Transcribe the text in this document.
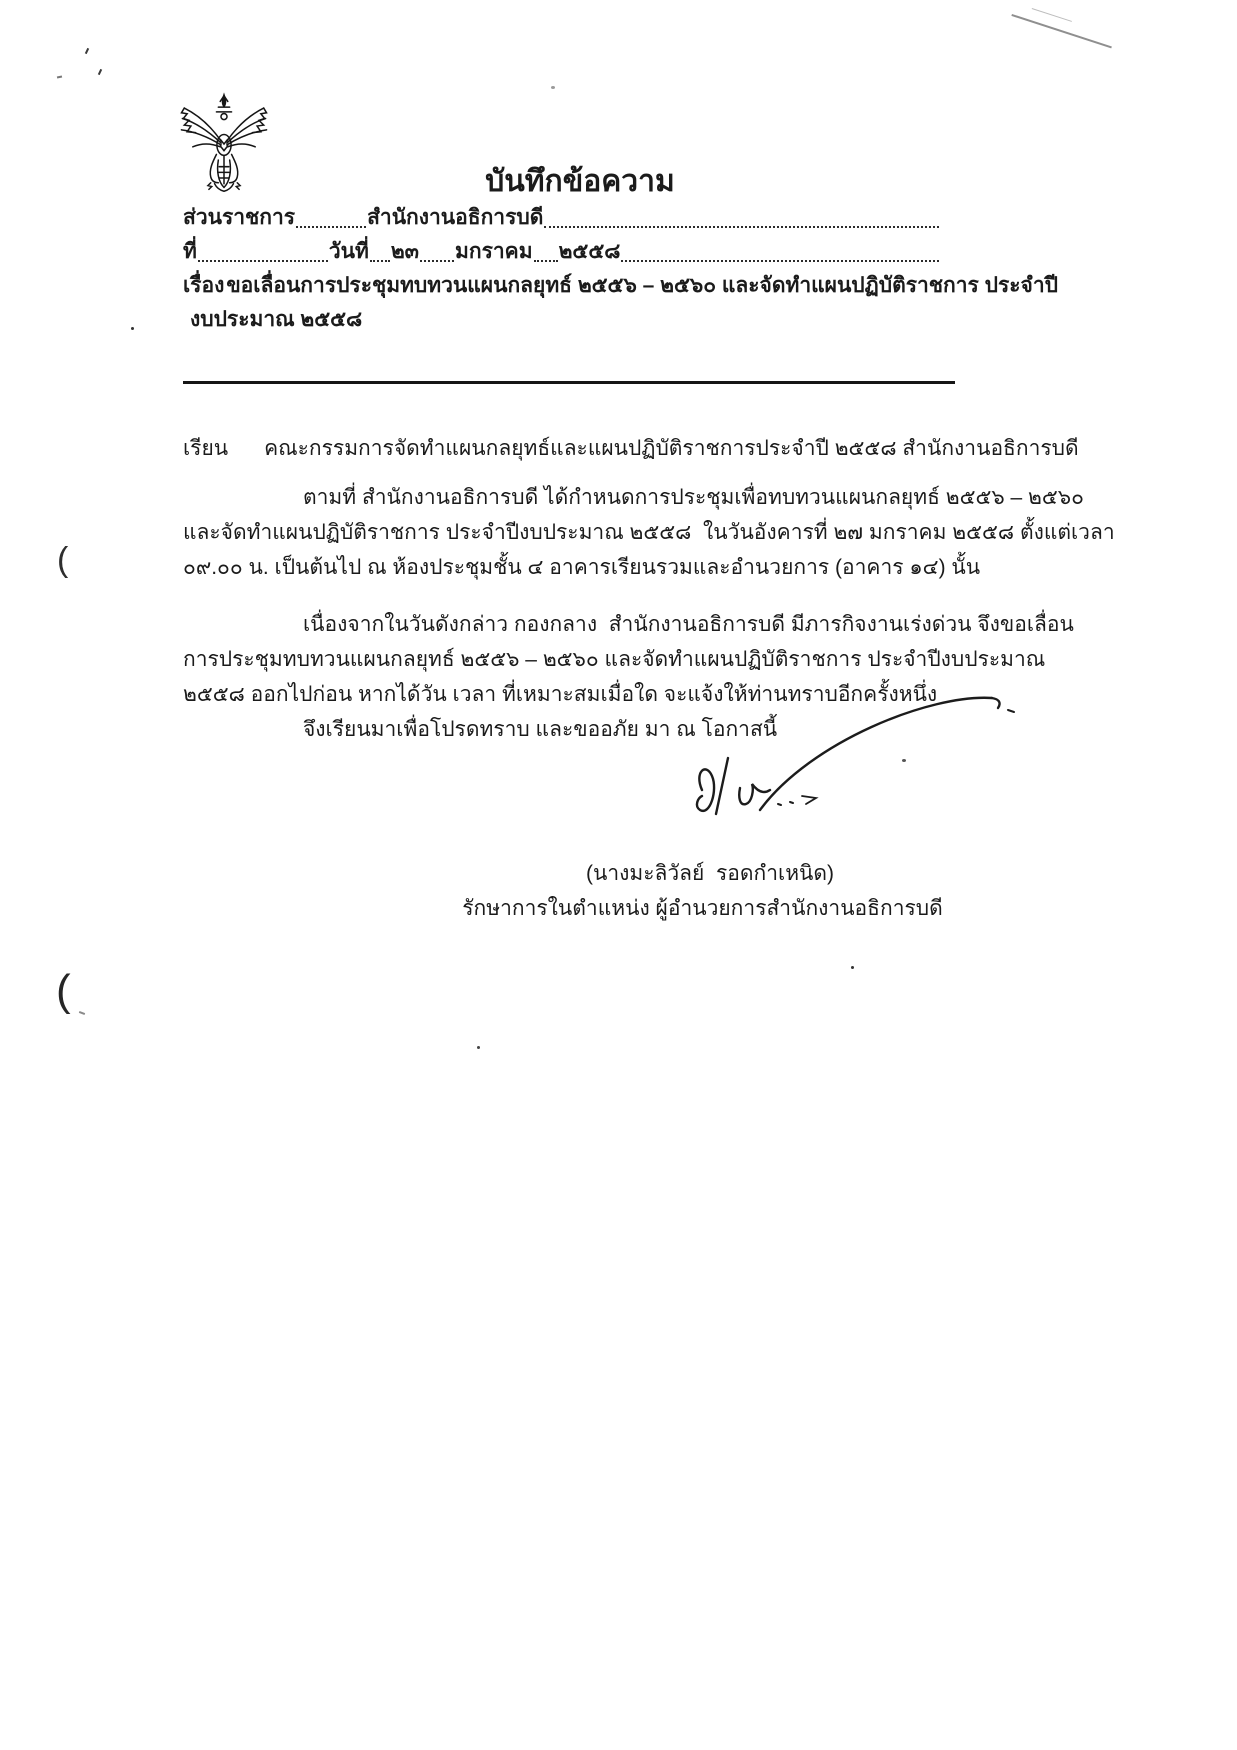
บันทึกข้อความ
ส่วนราชการ	สำนักงานอธิการบดี
ที่	วันที่ ๒๓ มกราคม ๒๕๕๘
เรื่อง ขอเลื่อนการประชุมทบทวนแผนกลยุทธ์ ๒๕๕๖ – ๒๕๖๐ และจัดทำแผนปฏิบัติราชการ ประจำปี
งบประมาณ ๒๕๕๘
เรียน คณะกรรมการจัดทำแผนกลยุทธ์และแผนปฏิบัติราชการประจำปี ๒๕๕๘ สำนักงานอธิการบดี
ตามที่ สำนักงานอธิการบดี ได้กำหนดการประชุมเพื่อทบทวนแผนกลยุทธ์ ๒๕๕๖ – ๒๕๖๐
และจัดทำแผนปฏิบัติราชการ ประจำปีงบประมาณ ๒๕๕๘  ในวันอังคารที่ ๒๗ มกราคม ๒๕๕๘ ตั้งแต่เวลา
๐๙.๐๐ น. เป็นต้นไป ณ ห้องประชุมชั้น ๔ อาคารเรียนรวมและอำนวยการ (อาคาร ๑๔) นั้น
เนื่องจากในวันดังกล่าว กองกลาง  สำนักงานอธิการบดี มีภารกิจงานเร่งด่วน จึงขอเลื่อน
การประชุมทบทวนแผนกลยุทธ์ ๒๕๕๖ – ๒๕๖๐ และจัดทำแผนปฏิบัติราชการ ประจำปีงบประมาณ
๒๕๕๘ ออกไปก่อน หากได้วัน เวลา ที่เหมาะสมเมื่อใด จะแจ้งให้ท่านทราบอีกครั้งหนึ่ง
จึงเรียนมาเพื่อโปรดทราบ และขออภัย มา ณ โอกาสนี้
(นางมะลิวัลย์  รอดกำเหนิด)
รักษาการในตำแหน่ง ผู้อำนวยการสำนักงานอธิการบดี
(
(
